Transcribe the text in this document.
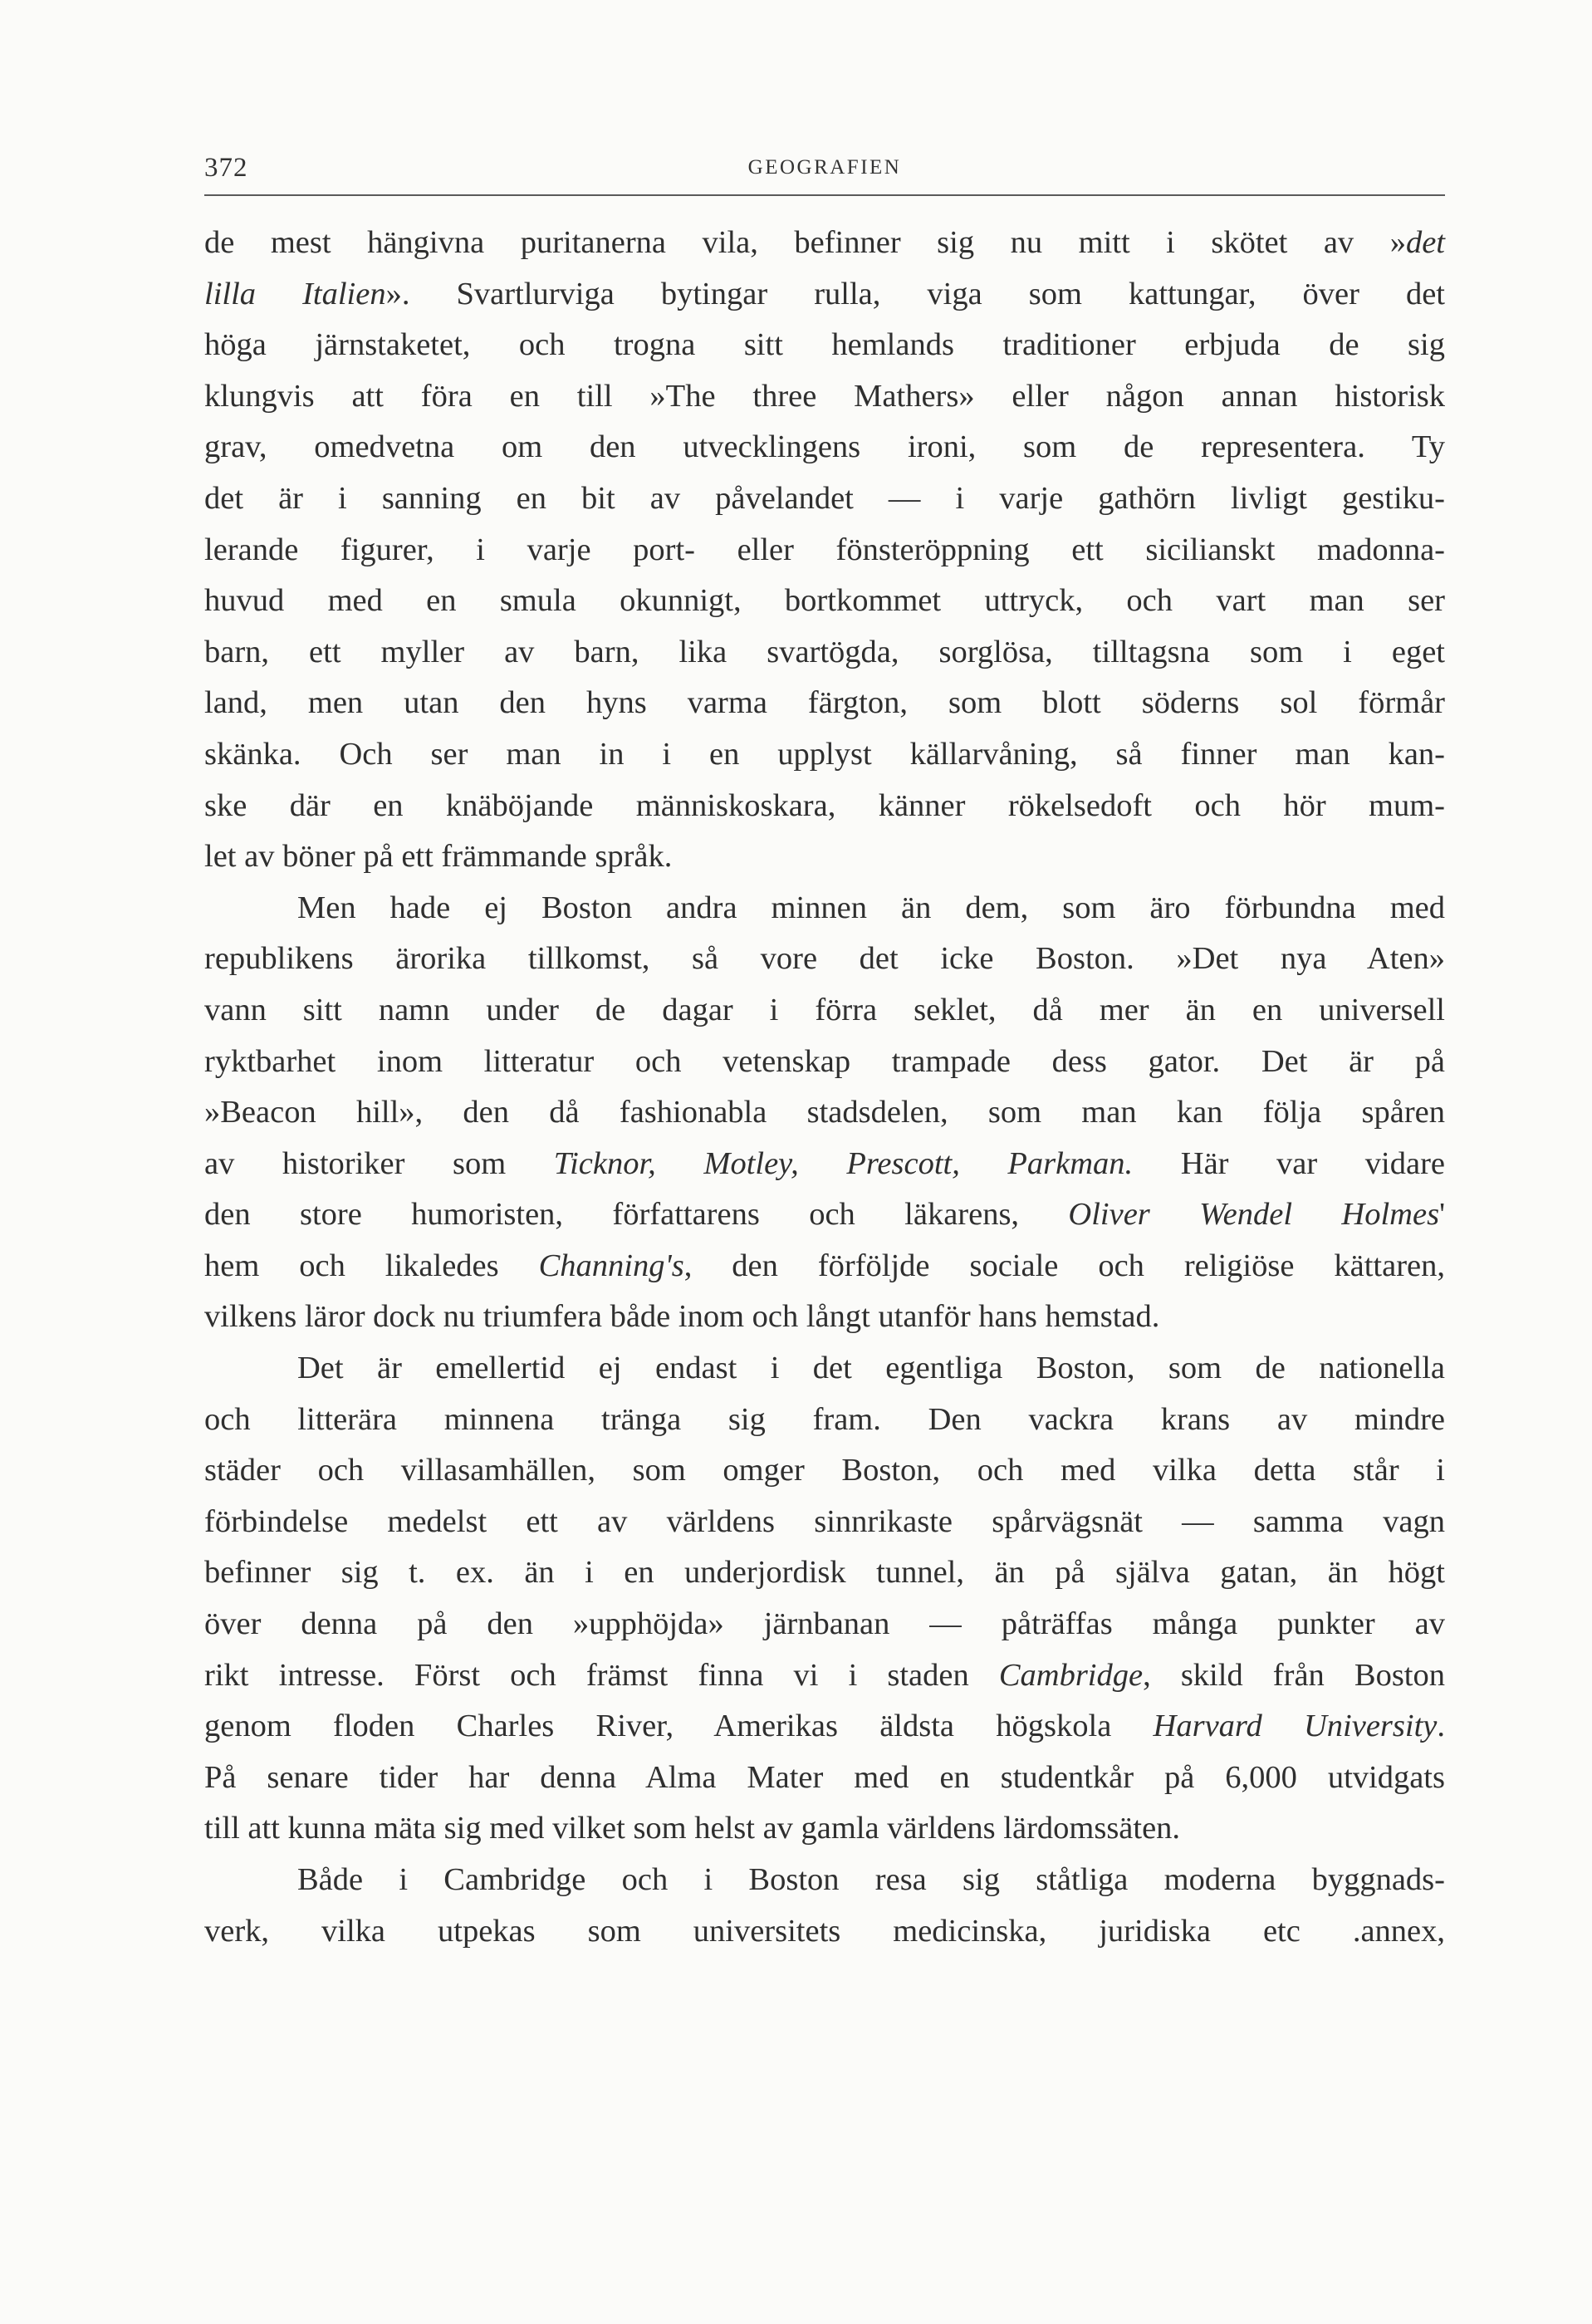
372	GEOGRAFIEN
de mest hängivna puritanerna vila, befinner sig nu mitt i skötet av »det
lilla Italien». Svartlurviga bytingar rulla, viga som kattungar, över det
höga järnstaketet, och trogna sitt hemlands traditioner erbjuda de sig
klungvis att föra en till »The three Mathers» eller någon annan historisk
grav, omedvetna om den utvecklingens ironi, som de representera. Ty
det är i sanning en bit av påvelandet — i varje gathörn livligt gestiku-
lerande figurer, i varje port- eller fönsteröppning ett sicilianskt madonna-
huvud med en smula okunnigt, bortkommet uttryck, och vart man ser
barn, ett myller av barn, lika svartögda, sorglösa, tilltagsna som i eget
land, men utan den hyns varma färgton, som blott söderns sol förmår
skänka. Och ser man in i en upplyst källarvåning, så finner man kan-
ske där en knäböjande människoskara, känner rökelsedoft och hör mum-
let av böner på ett främmande språk.
Men hade ej Boston andra minnen än dem, som äro förbundna med
republikens ärorika tillkomst, så vore det icke Boston. »Det nya Aten»
vann sitt namn under de dagar i förra seklet, då mer än en universell
ryktbarhet inom litteratur och vetenskap trampade dess gator. Det är på
»Beacon hill», den då fashionabla stadsdelen, som man kan följa spåren
av historiker som Ticknor, Motley, Prescott, Parkman. Här var vidare
den store humoristen, författarens och läkarens, Oliver Wendel Holmes'
hem och likaledes Channing's, den förföljde sociale och religiöse kättaren,
vilkens läror dock nu triumfera både inom och långt utanför hans hemstad.
Det är emellertid ej endast i det egentliga Boston, som de nationella
och litterära minnena tränga sig fram. Den vackra krans av mindre
städer och villasamhällen, som omger Boston, och med vilka detta står i
förbindelse medelst ett av världens sinnrikaste spårvägsnät — samma vagn
befinner sig t. ex. än i en underjordisk tunnel, än på själva gatan, än högt
över denna på den »upphöjda» järnbanan — påträffas många punkter av
rikt intresse. Först och främst finna vi i staden Cambridge, skild från Boston
genom floden Charles River, Amerikas äldsta högskola Harvard University.
På senare tider har denna Alma Mater med en studentkår på 6,000 utvidgats
till att kunna mäta sig med vilket som helst av gamla världens lärdomssäten.
Både i Cambridge och i Boston resa sig ståtliga moderna byggnads-
verk, vilka utpekas som universitets medicinska, juridiska etc .annex,
